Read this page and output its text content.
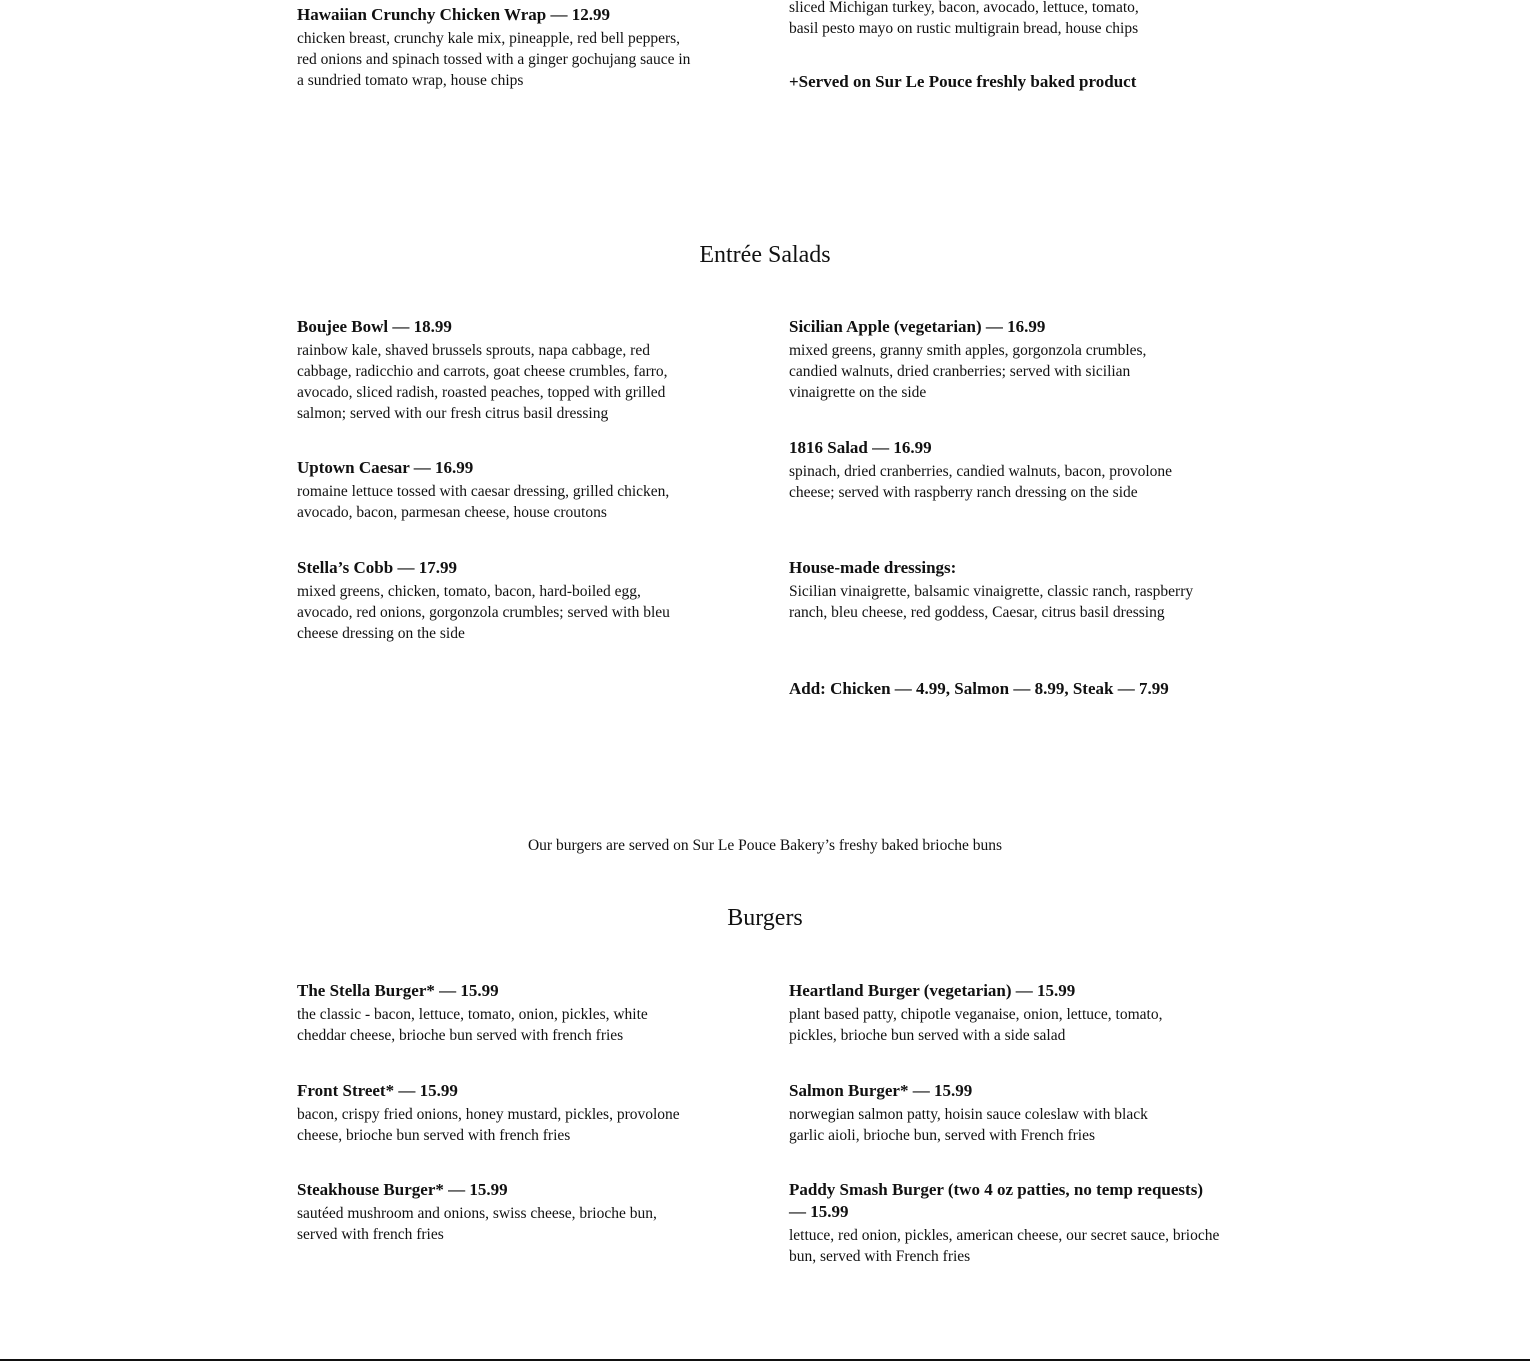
Hawaiian Crunchy Chicken Wrap — 12.99

chicken breast, crunchy kale mix, pineapple, red bell peppers, red onions and spinach tossed with a ginger gochujang sauce in a sundried tomato wrap, house chips

sliced Michigan turkey, bacon, avocado, lettuce, tomato, basil pesto mayo on rustic multigrain bread, house chips

+Served on Sur Le Pouce freshly baked product

Entrée Salads

Boujee Bowl — 18.99

rainbow kale, shaved brussels sprouts, napa cabbage, red cabbage, radicchio and carrots, goat cheese crumbles, farro, avocado, sliced radish, roasted peaches, topped with grilled salmon; served with our fresh citrus basil dressing

Uptown Caesar — 16.99

romaine lettuce tossed with caesar dressing, grilled chicken, avocado, bacon, parmesan cheese, house croutons

Stella’s Cobb — 17.99

mixed greens, chicken, tomato, bacon, hard-boiled egg, avocado, red onions, gorgonzola crumbles; served with bleu cheese dressing on the side

Sicilian Apple (vegetarian) — 16.99

mixed greens, granny smith apples, gorgonzola crumbles, candied walnuts, dried cranberries; served with sicilian vinaigrette on the side

1816 Salad — 16.99

spinach, dried cranberries, candied walnuts, bacon, provolone cheese; served with raspberry ranch dressing on the side

House-made dressings:

Sicilian vinaigrette, balsamic vinaigrette, classic ranch, raspberry ranch, bleu cheese, red goddess, Caesar, citrus basil dressing

Add: Chicken — 4.99, Salmon — 8.99, Steak — 7.99

Our burgers are served on Sur Le Pouce Bakery’s freshy baked brioche buns
Burgers

The Stella Burger* — 15.99

the classic - bacon, lettuce, tomato, onion, pickles, white cheddar cheese, brioche bun served with french fries

Front Street* — 15.99

bacon, crispy fried onions, honey mustard, pickles, provolone cheese, brioche bun served with french fries

Steakhouse Burger* — 15.99

sautéed mushroom and onions, swiss cheese, brioche bun, served with french fries

Heartland Burger (vegetarian) — 15.99

plant based patty, chipotle veganaise, onion, lettuce, tomato, pickles, brioche bun served with a side salad

Salmon Burger* — 15.99

norwegian salmon patty, hoisin sauce coleslaw with black garlic aioli, brioche bun, served with French fries

Paddy Smash Burger (two 4 oz patties, no temp requests) — 15.99

lettuce, red onion, pickles, american cheese, our secret sauce, brioche bun, served with French fries
